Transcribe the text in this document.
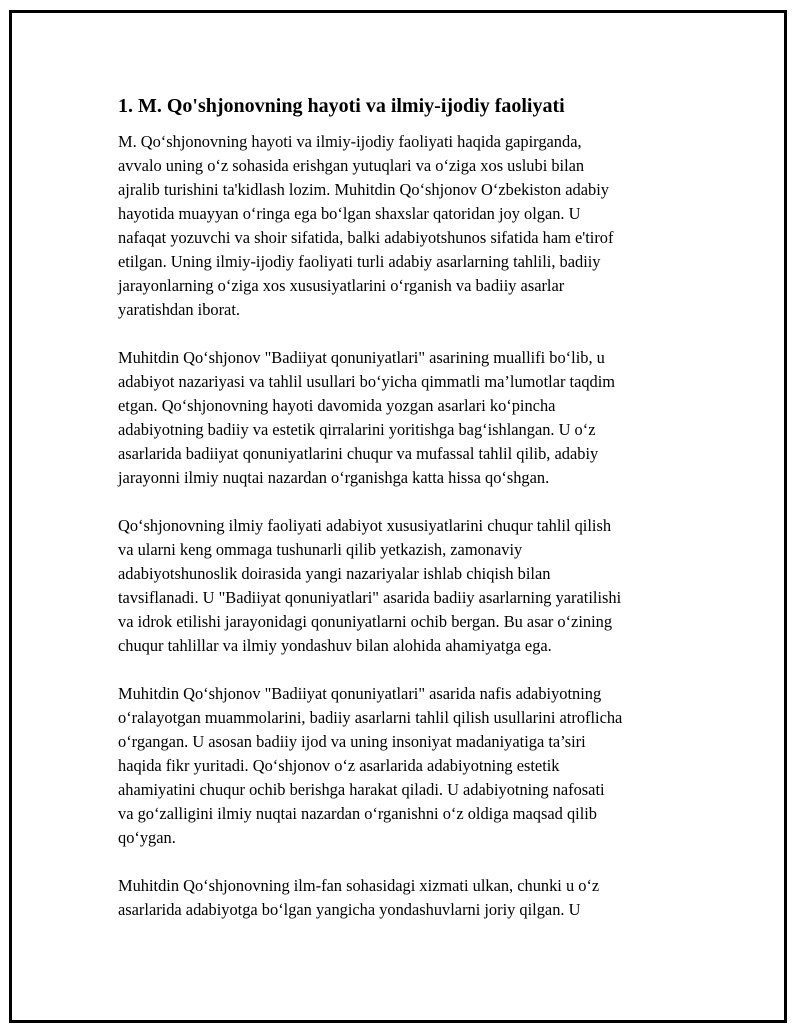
1. M. Qo'shjonovning hayoti va ilmiy-ijodiy faoliyati

M. Qo‘shjonovning hayoti va ilmiy-ijodiy faoliyati haqida gapirganda,
avvalo uning o‘z sohasida erishgan yutuqlari va o‘ziga xos uslubi bilan
ajralib turishini ta'kidlash lozim. Muhitdin Qo‘shjonov O‘zbekiston adabiy
hayotida muayyan o‘ringa ega bo‘lgan shaxslar qatoridan joy olgan. U
nafaqat yozuvchi va shoir sifatida, balki adabiyotshunos sifatida ham e'tirof
etilgan. Uning ilmiy-ijodiy faoliyati turli adabiy asarlarning tahlili, badiiy
jarayonlarning o‘ziga xos xususiyatlarini o‘rganish va badiiy asarlar
yaratishdan iborat.

Muhitdin Qo‘shjonov "Badiiyat qonuniyatlari" asarining muallifi bo‘lib, u
adabiyot nazariyasi va tahlil usullari bo‘yicha qimmatli ma’lumotlar taqdim
etgan. Qo‘shjonovning hayoti davomida yozgan asarlari ko‘pincha
adabiyotning badiiy va estetik qirralarini yoritishga bag‘ishlangan. U o‘z
asarlarida badiiyat qonuniyatlarini chuqur va mufassal tahlil qilib, adabiy
jarayonni ilmiy nuqtai nazardan o‘rganishga katta hissa qo‘shgan.

Qo‘shjonovning ilmiy faoliyati adabiyot xususiyatlarini chuqur tahlil qilish
va ularni keng ommaga tushunarli qilib yetkazish, zamonaviy
adabiyotshunoslik doirasida yangi nazariyalar ishlab chiqish bilan
tavsiflanadi. U "Badiiyat qonuniyatlari" asarida badiiy asarlarning yaratilishi
va idrok etilishi jarayonidagi qonuniyatlarni ochib bergan. Bu asar o‘zining
chuqur tahlillar va ilmiy yondashuv bilan alohida ahamiyatga ega.

Muhitdin Qo‘shjonov "Badiiyat qonuniyatlari" asarida nafis adabiyotning
o‘ralayotgan muammolarini, badiiy asarlarni tahlil qilish usullarini atroflicha
o‘rgangan. U asosan badiiy ijod va uning insoniyat madaniyatiga ta’siri
haqida fikr yuritadi. Qo‘shjonov o‘z asarlarida adabiyotning estetik
ahamiyatini chuqur ochib berishga harakat qiladi. U adabiyotning nafosati
va go‘zalligini ilmiy nuqtai nazardan o‘rganishni o‘z oldiga maqsad qilib
qo‘ygan.

Muhitdin Qo‘shjonovning ilm-fan sohasidagi xizmati ulkan, chunki u o‘z
asarlarida adabiyotga bo‘lgan yangicha yondashuvlarni joriy qilgan. U
